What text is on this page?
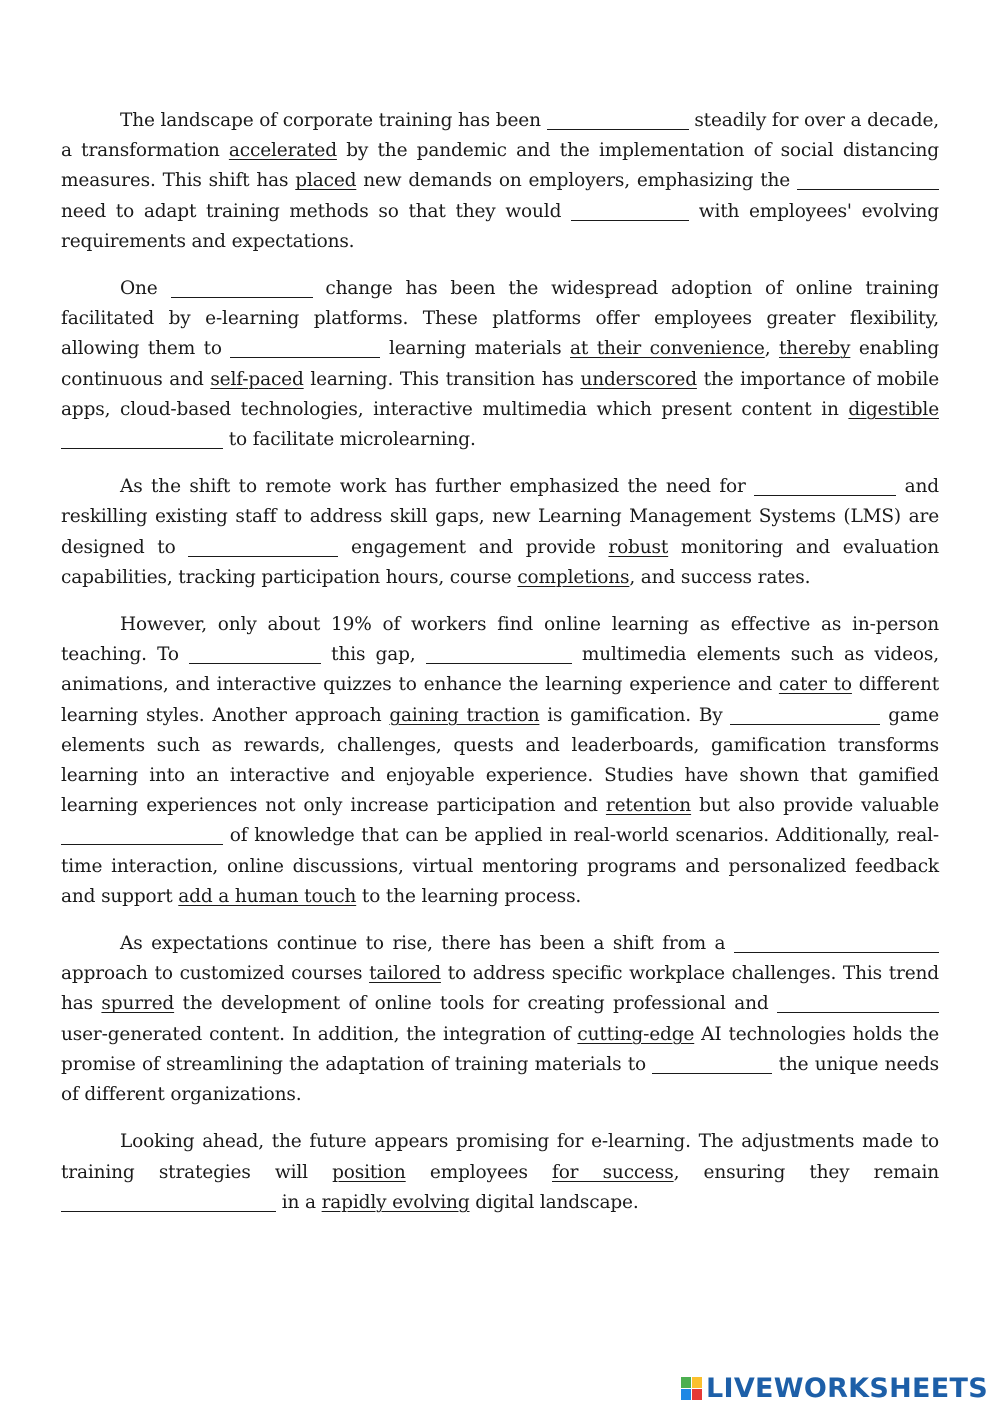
The landscape of corporate training has been	steadily for over a decade, a transformation accelerated by the pandemic and the implementation of social distancing measures. This shift has placed new demands on employers, emphasizing the  need to adapt training methods so that they would	with employees' evolving requirements and expectations.

One	change has been the widespread adoption of online training facilitated by e-learning platforms. These platforms offer employees greater flexibility, allowing them to	learning materials at their convenience, thereby enabling continuous and self-paced learning. This transition has underscored the importance of mobile apps, cloud-based technologies, interactive multimedia which present content in digestible  to facilitate microlearning.

As the shift to remote work has further emphasized the need for	and reskilling existing staff to address skill gaps, new Learning Management Systems (LMS) are designed to	engagement and provide robust monitoring and evaluation capabilities, tracking participation hours, course completions, and success rates.

However, only about 19% of workers find online learning as effective as in-person teaching. To	this gap,	multimedia elements such as videos, animations, and interactive quizzes to enhance the learning experience and cater to different learning styles. Another approach gaining traction is gamification. By	game elements such as rewards, challenges, quests and leaderboards, gamification transforms learning into an interactive and enjoyable experience. Studies have shown that gamified learning experiences not only increase participation and retention but also provide valuable  of knowledge that can be applied in real-world scenarios. Additionally, real-time interaction, online discussions, virtual mentoring programs and personalized feedback and support add a human touch to the learning process.

As expectations continue to rise, there has been a shift from a  approach to customized courses tailored to address specific workplace challenges. This trend has spurred the development of online tools for creating professional and  user-generated content. In addition, the integration of cutting-edge AI technologies holds the promise of streamlining the adaptation of training materials to	the unique needs of different organizations.

Looking ahead, the future appears promising for e-learning. The adjustments made to training strategies will position employees for success, ensuring they remain  in a rapidly evolving digital landscape.

LIVEWORKSHEETS
